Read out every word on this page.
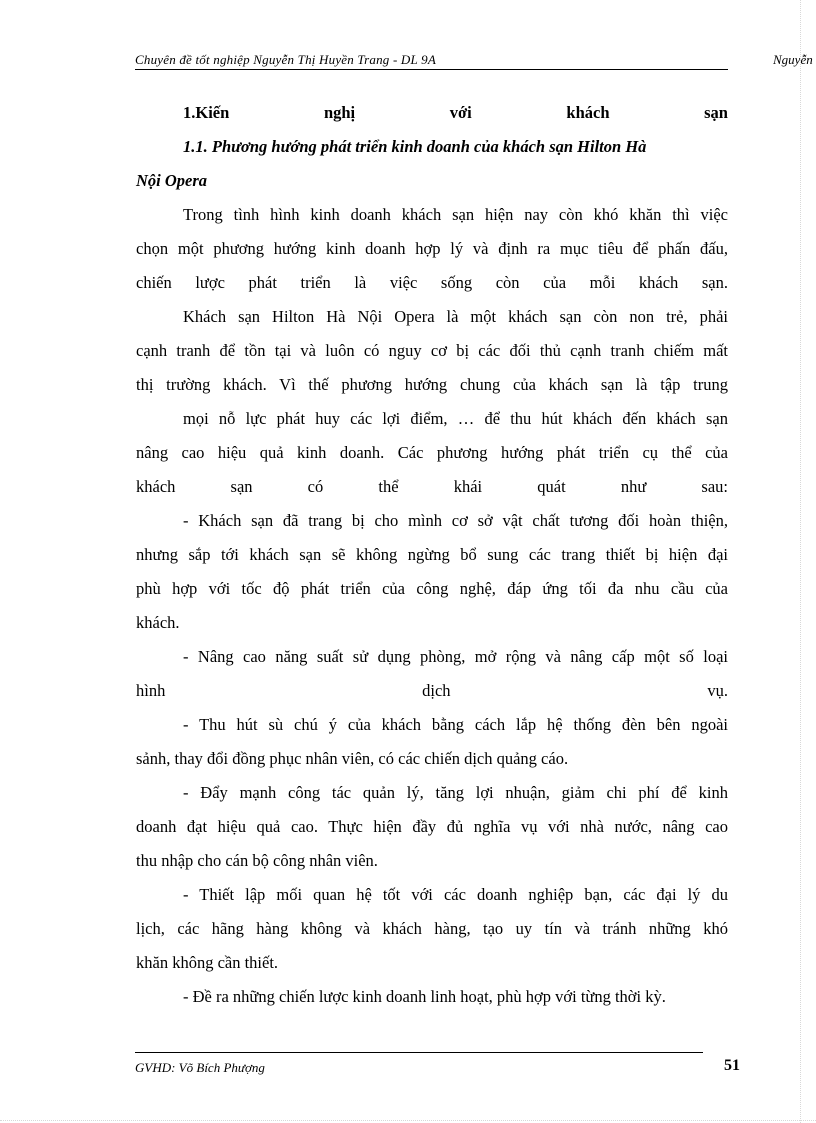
Chuyên đề tốt nghiệp Nguyễn Thị Huyền Trang - DL 9A	Nguyễn
1.Kiến	nghị	với	khách	sạn
1.1. Phương hướng phát triển kinh doanh của khách sạn Hilton Hà
Nội Opera
Trong tình hình kinh doanh khách sạn hiện nay còn khó khăn thì việc
chọn một phương hướng kinh doanh hợp lý và định ra mục tiêu để phấn đấu,
chiến lược phát triển là việc sống còn của mỗi khách sạn.
Khách sạn Hilton Hà Nội Opera là một khách sạn còn non trẻ, phải
cạnh tranh để tồn tại và luôn có nguy cơ bị các đối thủ cạnh tranh chiếm mất
thị trường khách. Vì thế phương hướng chung của khách sạn là tập trung
mọi nỗ lực phát huy các lợi điểm, … để thu hút khách đến khách sạn
nâng cao hiệu quả kinh doanh. Các phương hướng phát triển cụ thể của
khách sạn có thể khái quát như sau:
- Khách sạn đã trang bị cho mình cơ sở vật chất tương đối hoàn thiện,
nhưng sắp tới khách sạn sẽ không ngừng bổ sung các trang thiết bị hiện đại
phù hợp với tốc độ phát triển của công nghệ, đáp ứng tối đa nhu cầu của
khách.
- Nâng cao năng suất sử dụng phòng, mở rộng và nâng cấp một số loại
hình dịch vụ.
- Thu hút sù chú ý của khách bằng cách lắp hệ thống đèn bên ngoài
sảnh, thay đổi đồng phục nhân viên, có các chiến dịch quảng cáo.
- Đẩy mạnh công tác quản lý, tăng lợi nhuận, giảm chi phí để kinh
doanh đạt hiệu quả cao. Thực hiện đầy đủ nghĩa vụ với nhà nước, nâng cao
thu nhập cho cán bộ công nhân viên.
- Thiết lập mối quan hệ tốt với các doanh nghiệp bạn, các đại lý du
lịch, các hãng hàng không và khách hàng, tạo uy tín và tránh những khó
khăn không cần thiết.
- Đề ra những chiến lược kinh doanh linh hoạt, phù hợp với từng thời kỳ.
GVHD: Võ Bích Phượng	51
